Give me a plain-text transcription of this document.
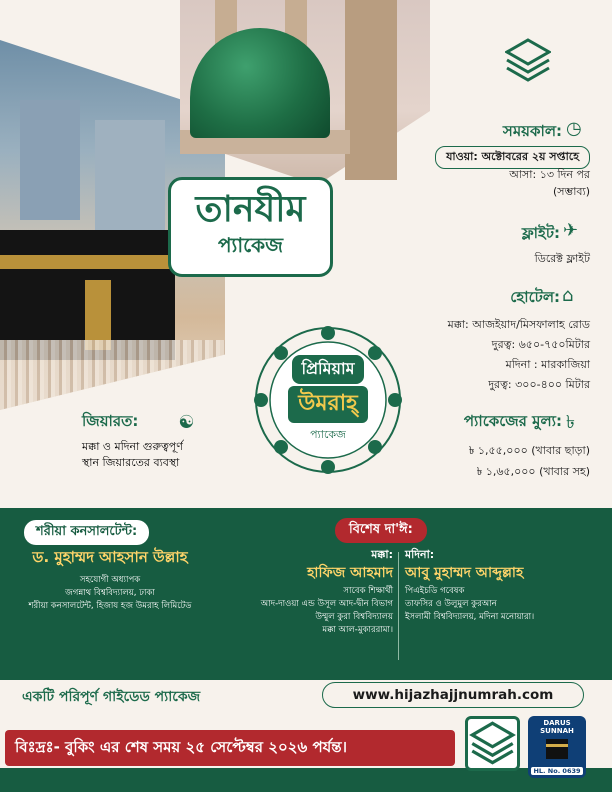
তানযীম
প্যাকেজ
◷
সময়কাল:
যাওয়া: অক্টোবরের ২য় সপ্তাহে
আসা: ১৩ দিন পর
(সম্ভাব্য)
✈
ফ্লাইট:
ডিরেক্ট ফ্লাইট
⌂
হোটেল:
মক্কা: আজইয়াদ/মিসফালাহ রোড
দুরত্ব: ৬৫০-৭৫০মিটার
মদিনা : মারকাজিয়া
দুরত্ব: ৩০০-৪০০ মিটার
৳
প্যাকেজের মুল্য:
৳ ১,৫৫,০০০ (খাবার ছাড়া)
৳ ১,৬৫,০০০ (খাবার সহ)
প্রিমিয়াম
উমরাহ্
প্যাকেজ
জিয়ারত: ☯
মক্কা ও মদিনা গুরুত্বপূর্ণ
স্থান জিয়ারতের ব্যবস্থা
শরীয়া কনসালটেন্ট:	বিশেষ দা'ঈ:
ড. মুহাম্মদ আহসান উল্লাহ
সহযোগী অধ্যাপক
জগন্নাথ বিশ্ববিদ্যালয়, ঢাকা
শরীয়া কনসালটেন্ট, হিজায হজ উমরাহ লিমিটেড
মক্কা:
হাফিজ আহমাদ
সাবেক শিক্ষার্থী
আদ-দাওয়া এন্ড উসূল আদ-দ্বীন বিভাগ
উম্মুল কুরা বিশ্ববিদ্যালয়
মক্কা আল-মুকাররামা।
মদিনা:
আবু মুহাম্মদ আব্দুল্লাহ
পিএইচডি গবেষক
তাফসির ও উলুমুল কুরআন
ইসলামী বিশ্ববিদ্যালয়, মদিনা মনোয়ারা।
একটি পরিপূর্ণ গাইডেড প্যাকেজ	www.hijazhajjnumrah.com
বিঃদ্রঃ- বুকিং এর শেষ সময় ২৫ সেপ্টেম্বর ২০২৬ পর্যন্ত।
DARUS SUNNAH
HL. No. 0639
